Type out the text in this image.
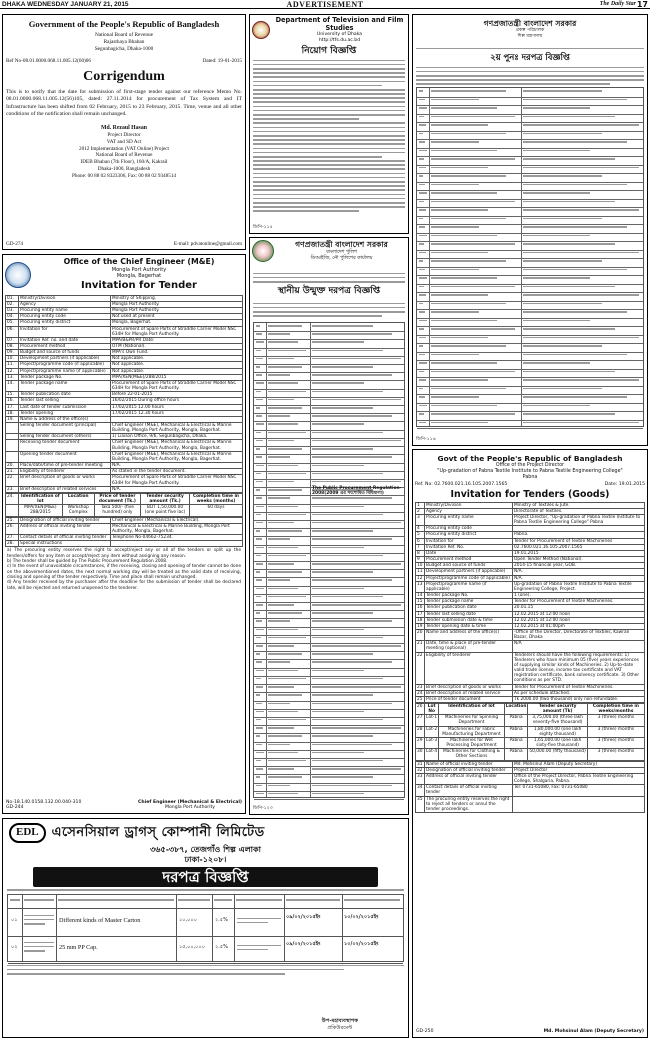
DHAKA WEDNESDAY JANUARY 21, 2015	ADVERTISEMENT	The Daily Star 17
Government of the People's Republic of Bangladesh
National Board of Revenue
Rajasthaya Bhaban
Segunbagicha, Dhaka-1000
Ref No-08.01.0000.068.11.005.12(60)06	Dated: 19-01-2015
Corrigendum
This is to notify that the date for submission of first-stage tender against our reference Memo No. 08.01.0000.068.11.005.12(56)105, dated: 27.11.2014 for procurement of Tax System and IT Infrastructure has been shifted from 02 February, 2015 to 23 February, 2015. Time, venue and all other conditions of the notification shall remain unchanged.
Md. Rezaul Hasan
Project Director
VAT and SD Act
2012 Implementation (VAT Online) Project
National Board of Revenue
IDEB Bhaban (7th Floor), 160/A, Kakrail
Dhaka-1000, Bangladesh
Phone: 00 88 02 8323306, Fax: 00 88 02 9348514
GD-274	E-mail: pdvatonline@gmail.com
Office of the Chief Engineer (M&E)
Mongla Port Authority
Mongla, Bagerhat
Invitation for Tender
01.	Ministry/Division	Ministry of Shipping.
02.	Agency	Mongla Port Authority.
03.	Procuring entity name	Mongla Port Authority.
04.	Procuring entity code	Not used at present
05.	Procuring entity district	Mongla, Bagerhat.
06.	Invitation for	Procurement of Spare Parts of Straddle Carrier Model NSC 634H for Mongla Port Authority.
07.	Invitation Ref. no. and date	MPA/B&PR/PR Date:
08.	Procurement method	OTM (National).
09.	Budget and source of funds	MPA's Own Fund.
10.	Development partners (if applicable)	Not applicable.
11.	Project/programme code (if applicable)	Not applicable.
12.	Project/programme name (if applicable)	Not applicable.
13.	Tender package No.	MPA/XEN(M&E)/288/2015
14.	Tender package name	Procurement of Spare Parts of Straddle Carrier Model NSC 634H for Mongla Port Authority.
15.	Tender publication date	Before 22-01-2015
16.	Tender last selling	16/02/2015 During office hours
17.	Last date of tender submission	17/02/2015 12.00 hours
18.	Tender opening	17/02/2015 12.30 hours
19.	Name & address of the office(s)	
	Selling tender document (principal)	Chief Engineer (M&E), Mechanical & Electrical & Marine Building, Mongla Port Authority, Mongla, Bagerhat.
	Selling tender document (others)	1) Liaison Office, 9/6, Segunbagicha, Dhaka.
	Receiving tender document	Chief Engineer (M&E), Mechanical & Electrical & Marine Building, Mongla Port Authority, Mongla, Bagerhat.
	Opening tender document	Chief Engineer (M&E), Mechanical & Electrical & Marine Building, Mongla Port Authority, Mongla, Bagerhat.
20.	Place/date/time of pre-tender meeting	N/A.
21.	Eligibility of tenderer	As stated in the tender document.
22.	Brief description of goods or works	Procurement of Spare Parts of Straddle Carrier Model NSC 634H for Mongla Port Authority.
23.	Brief description of related services	N/A.
24.	Identification of lot	Location	Price of tender document (Tk.)	Tender security amount (Tk.)	Completion time in weeks (months)
	MPA/XEN(M&E) 288/2015	Workshop Complex	Taka 500/- (five hundred) only	BDT 1,50,000.00 (one point five lac)	60 days
25.	Designation of official inviting tender	Chief Engineer (Mechanical & Electrical).
26.	Address of official inviting tender	Mechanical & Electrical & Marine Building, Mongla Port Authority, Mongla, Bagerhat.
27.	Contact details of official inviting tender	Telephone No-04662-75234.
28.	Special instructions	
a) The procuring entity reserves the right to accept/reject any or all of the tenders or split up the tenders/offers for any item or accept/reject any item without assigning any reason.
b) The tender shall be guided by The Public Procurement Regulation 2008.
c) In the event of unavoidable circumstances, if the receiving, closing and opening of tender cannot be done on the abovementioned dates, the next normal working day will be treated as the valid date of receiving, closing and opening of the tender respectively. Time and place shall remain unchanged.
d) Any tender received by the purchaser after the deadline for the submission of tender shall be declared late, will be rejected and returned unopened to the tenderer.
No-18.140.0158.132.00.040-310
GD-244
Chief Engineer (Mechanical & Electrical)
Mongla Port Authority
Department of Television and Film Studies
University of Dhaka
http://tfs.du.ac.bd
নিয়োগ বিজ্ঞপ্তি
ডিপি-১১৫
গণপ্রজাতন্ত্রী বাংলাদেশ সরকার
বাংলাদেশ পুলিশ
ডিআইজি, নৌ পুলিশের কার্যালয়
স্থানীয় উন্মুক্ত দরপত্র বিজ্ঞপ্তি
The Public Procurement Regulation-2008(2009 এর সংশোধিত বিধিমালা)
ডিপি-১২৩
গণপ্রজাতন্ত্রী বাংলাদেশ সরকার
প্রকল্প পরিচালক
শিল্প মন্ত্রণালয়
২য় পুনঃ দরপত্র বিজ্ঞপ্তি
ডিপি-১১৬
Govt of the People's Republic of Bangladesh
Office of the Project Director
"Up-gradation of Pabna Textile Institute to Pabna Textile Engineering College"
Pabna
Ref. No: 02.7600.021.16.105.2007.1565	Date: 19.01.2015
Invitation for Tenders (Goods)
1	Ministry/Division	Ministry of Textiles & Jute.
2	Agency	Directorate of Textiles.
3	Procuring entity name	Project Director, "Up-gradation of Pabna Textile Institute to Pabna Textile Engineering College" Pabna
4	Procuring entity code	
5	Procuring entity district	Pabna.
6	Invitation for	Tender for Procurement of Textile Machineries
7	Invitation Ref. No.	02.7600.021.16.105.2007.1565
8	Date	19.01.2015
9	Procurement method	Open Tender Method (National).
10	Budget and source of funds	2014-15 financial year, GOB.
11	Development partners (if applicable)	N/A.
12	Project/programme code (if applicable)	N/A.
13	Project/programme name (if applicable)	Up-gradation of Pabna Textile Institute to Pabna Textile Engineering College, Project.
14	Tender package No.	1 (one).
15	Tender package name	Tender for Procurement of Textile Machineries.
16	Tender publication date	20.01.15
17	Tender last selling date	12.02.2015 at 12:00 noon
18	Tender submission date & time	12.02.2015 at 12:00 noon
19	Tender opening date & time	12.02.2015 at 01:00pm
20	Name and address of the office(s)	-Office of the Director, Directorate of Textiles, Kawran Bazar, Dhaka
21	Date, time & place of pre-tender meeting (optional)	N/A
22	Eligibility of tenderer	Tenderers should have the following requirements: 1) Tenderers who have minimum 05 (five) years experiences of supplying similar kinds of Machineries. 2) Up-to-date valid trade license, income tax certificate and VAT registration certificate, bank solvency certificate. 3) Other conditions as per STD.
23	Brief description of goods or works	Tender for Procurement of Textile Machineries.
24	Brief description of related service	As per schedule attached.
25	Price of tender document	Tk 2000.00 (two thousand) only non-refundable.
26	Lot No	Identification of lot	Location	Tender security amount (Tk)	Completion time in weeks/months
27	Lot-1	Machineries for Spinning Department	Pabna	3,75,000.00 (three lakh seventy-five thousand)	3 (three) months
28	Lot-2	Machineries for Fabric Manufacturing Department	Pabna	1,80,000.00 (one lakh eighty thousand)	3 (three) months
29	Lot-3	Machineries for Wet Processing Department	Pabna	1,65,000.00 (one lakh sixty-five thousand)	3 (three) months
30	Lot-4	Machineries for Clothing & Other Sections	Pabna	50,000.00 (fifty thousand)	3 (three) months
31	Name of official inviting tender	Md. Mohsinul Alam (Deputy Secretary)
32	Designation of official inviting tender	Project Director
33	Address of official inviting tender	Office of the Project Director, Pabna Textile Engineering College, Shalgaria, Pabna.
34	Contact details of official inviting tender	Tel: 0731-65080, Fax: 0731-65080
35	The procuring entity reserves the right to reject all tenders or annul the tender proceedings.	
GD-250	Md. Mohsinul Alam (Deputy Secretary)
EDL	এসেনসিয়াল ড্রাগস্ কোম্পানী লিমিটেড
৩৬৫-৩৮৭, তেজগাঁও শিল্প এলাকা
ঢাকা-১২০৮।
দরপত্র বিজ্ঞপ্তি
০১	Different kinds of Master Carton	১০,০০০	২.৫%	০৯/০২/২০১৫ইং	১০/০২/২০১৫ইং
০২	25 mm PP Cap.	১৫,০০,০০০ ২.৫%	০৯/০২/২০১৫ইং	১০/০২/২০১৫ইং
উপ-মহাব্যবস্থাপক
প্রকিউরমেন্ট
